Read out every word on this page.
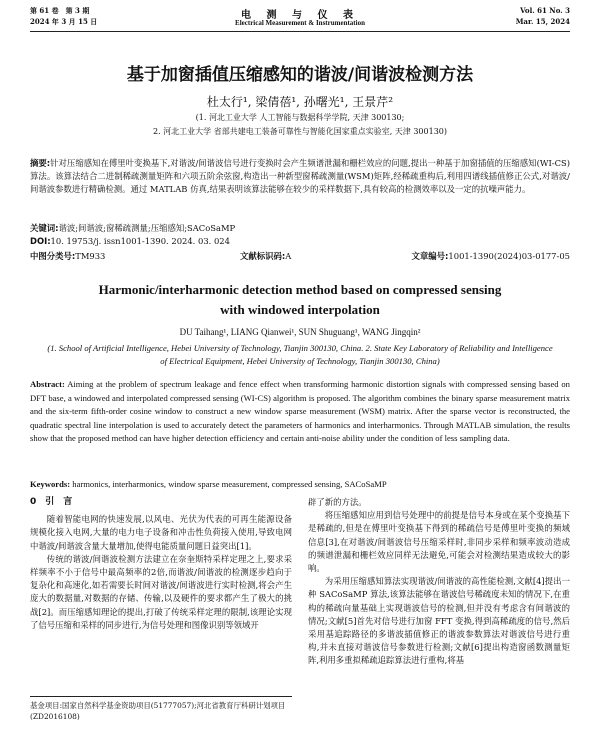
第 61 卷　第 3 期
2024 年 3 月 15 日
电 测 与 仪 表
Electrical Measurement & Instrumentation
Vol. 61 No. 3
Mar. 15, 2024
基于加窗插值压缩感知的谐波/间谐波检测方法
杜太行¹, 梁倩蓓¹, 孙曙光¹, 王景芹²
(1. 河北工业大学 人工智能与数据科学学院, 天津 300130;
2. 河北工业大学 省部共建电工装备可靠性与智能化国家重点实验室, 天津 300130)
摘要:针对压缩感知在傅里叶变换基下,对谐波/间谐波信号进行变换时会产生频谱泄漏和栅栏效应的问题,提出一种基于加窗插值的压缩感知(WI-CS)算法。该算法结合二进制稀疏测量矩阵和六项五阶余弦窗,构造出一种新型窗稀疏测量(WSM)矩阵,经稀疏重构后,利用四谱线插值修正公式,对谐波/间谐波参数进行精确检测。通过 MATLAB 仿真,结果表明该算法能够在较少的采样数据下,具有较高的检测效率以及一定的抗噪声能力。
关键词:谐波;间谐波;窗稀疏测量;压缩感知;SACoSaMP
DOI:10. 19753/j. issn1001-1390. 2024. 03. 024
中图分类号:TM933	文献标识码:A	文章编号:1001-1390(2024)03-0177-05
Harmonic/interharmonic detection method based on compressed sensing
with windowed interpolation
DU Taihang¹, LIANG Qianwei¹, SUN Shuguang¹, WANG Jingqin²
(1. School of Artificial Intelligence, Hebei University of Technology, Tianjin 300130, China. 2. State Key Laboratory of Reliability and Intelligence of Electrical Equipment, Hebei University of Technology, Tianjin 300130, China)
Abstract: Aiming at the problem of spectrum leakage and fence effect when transforming harmonic distortion signals with compressed sensing based on DFT base, a windowed and interpolated compressed sensing (WI-CS) algorithm is proposed. The algorithm combines the binary sparse measurement matrix and the six-term fifth-order cosine window to construct a new window sparse measurement (WSM) matrix. After the sparse vector is reconstructed, the quadratic spectral line interpolation is used to accurately detect the parameters of harmonics and interharmonics. Through MATLAB simulation, the results show that the proposed method can have higher detection efficiency and certain anti-noise ability under the condition of less sampling data.
Keywords: harmonics, interharmonics, window sparse measurement, compressed sensing, SACoSaMP
0　引　言

随着智能电网的快速发展,以风电、光伏为代表的可再生能源设备规模化接入电网,大量的电力电子设备和冲击性负荷接入使用,导致电网中谐波/间谐波含量大量增加,使得电能质量问题日益突出[1]。

传统的谐波/间谐波检测方法建立在奈奎斯特采样定理之上,要求采样频率不小于信号中最高频率的2倍,而谐波/间谐波的检测逐步趋向于复杂化和高速化,如若需要长时间对谐波/间谐波进行实时检测,将会产生庞大的数据量,对数据的存储、传输,以及硬件的要求都产生了极大的挑战[2]。而压缩感知理论的提出,打破了传统采样定理的限制,该理论实现了信号压缩和采样的同步进行,为信号处理和图像识别等领域开

辟了新的方法。

将压缩感知应用到信号处理中的前提是信号本身或在某个变换基下是稀疏的,但是在傅里叶变换基下得到的稀疏信号是傅里叶变换的频域信息[3],在对谐波/间谐波信号压缩采样时,非同步采样和频率波动造成的频谱泄漏和栅栏效应同样无法避免,可能会对检测结果造成较大的影响。

为采用压缩感知算法实现谐波/间谐波的高性能检测,文献[4]提出一种 SACoSaMP 算法,该算法能够在谐波信号稀疏度未知的情况下,在重构的稀疏向量基础上实现谐波信号的检测,但并没有考虑含有间谐波的情况;文献[5]首先对信号进行加窗 FFT 变换,得到高稀疏度的信号,然后采用基追踪路径的多谐波插值修正的谐波参数算法对谐波信号进行重构,并未直接对谐波信号参数进行检测;文献[6]提出构造窗函数测量矩阵,利用多重拟稀疏追踪算法进行重构,将基

基金项目:国家自然科学基金资助项目(51777057);河北省教育厅科研计划项目(ZD2016108)
